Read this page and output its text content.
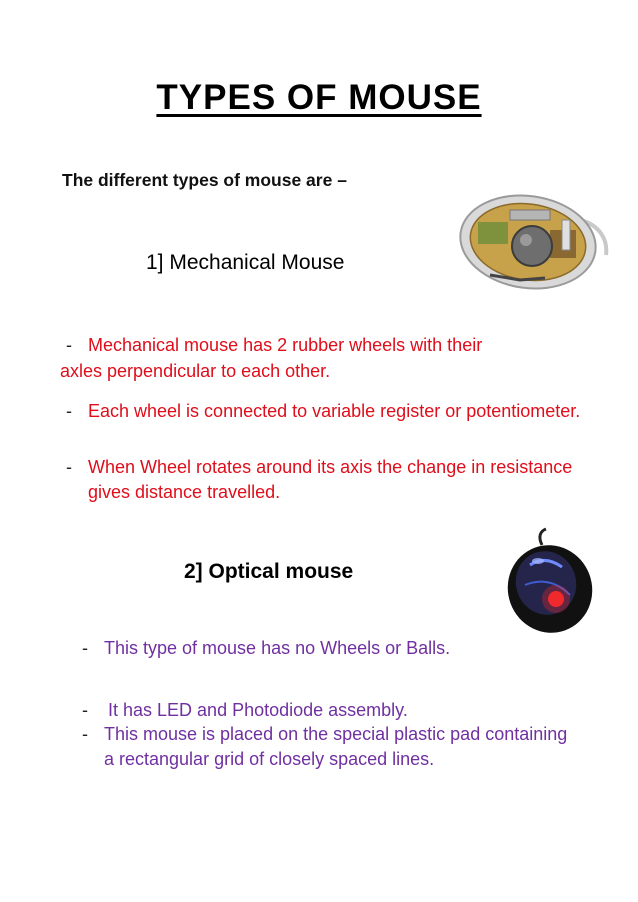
TYPES OF MOUSE
The different types of mouse are –
1] Mechanical Mouse
- Mechanical mouse has 2 rubber wheels with their
axles perpendicular to each other.
- Each wheel is connected to variable register or potentiometer.
- When Wheel rotates around its axis the change in resistance gives distance travelled.
2] Optical mouse
- This type of mouse has no Wheels or Balls.
- It has LED and Photodiode assembly.
- This mouse is placed on the special plastic pad containing a rectangular grid of closely spaced lines.
